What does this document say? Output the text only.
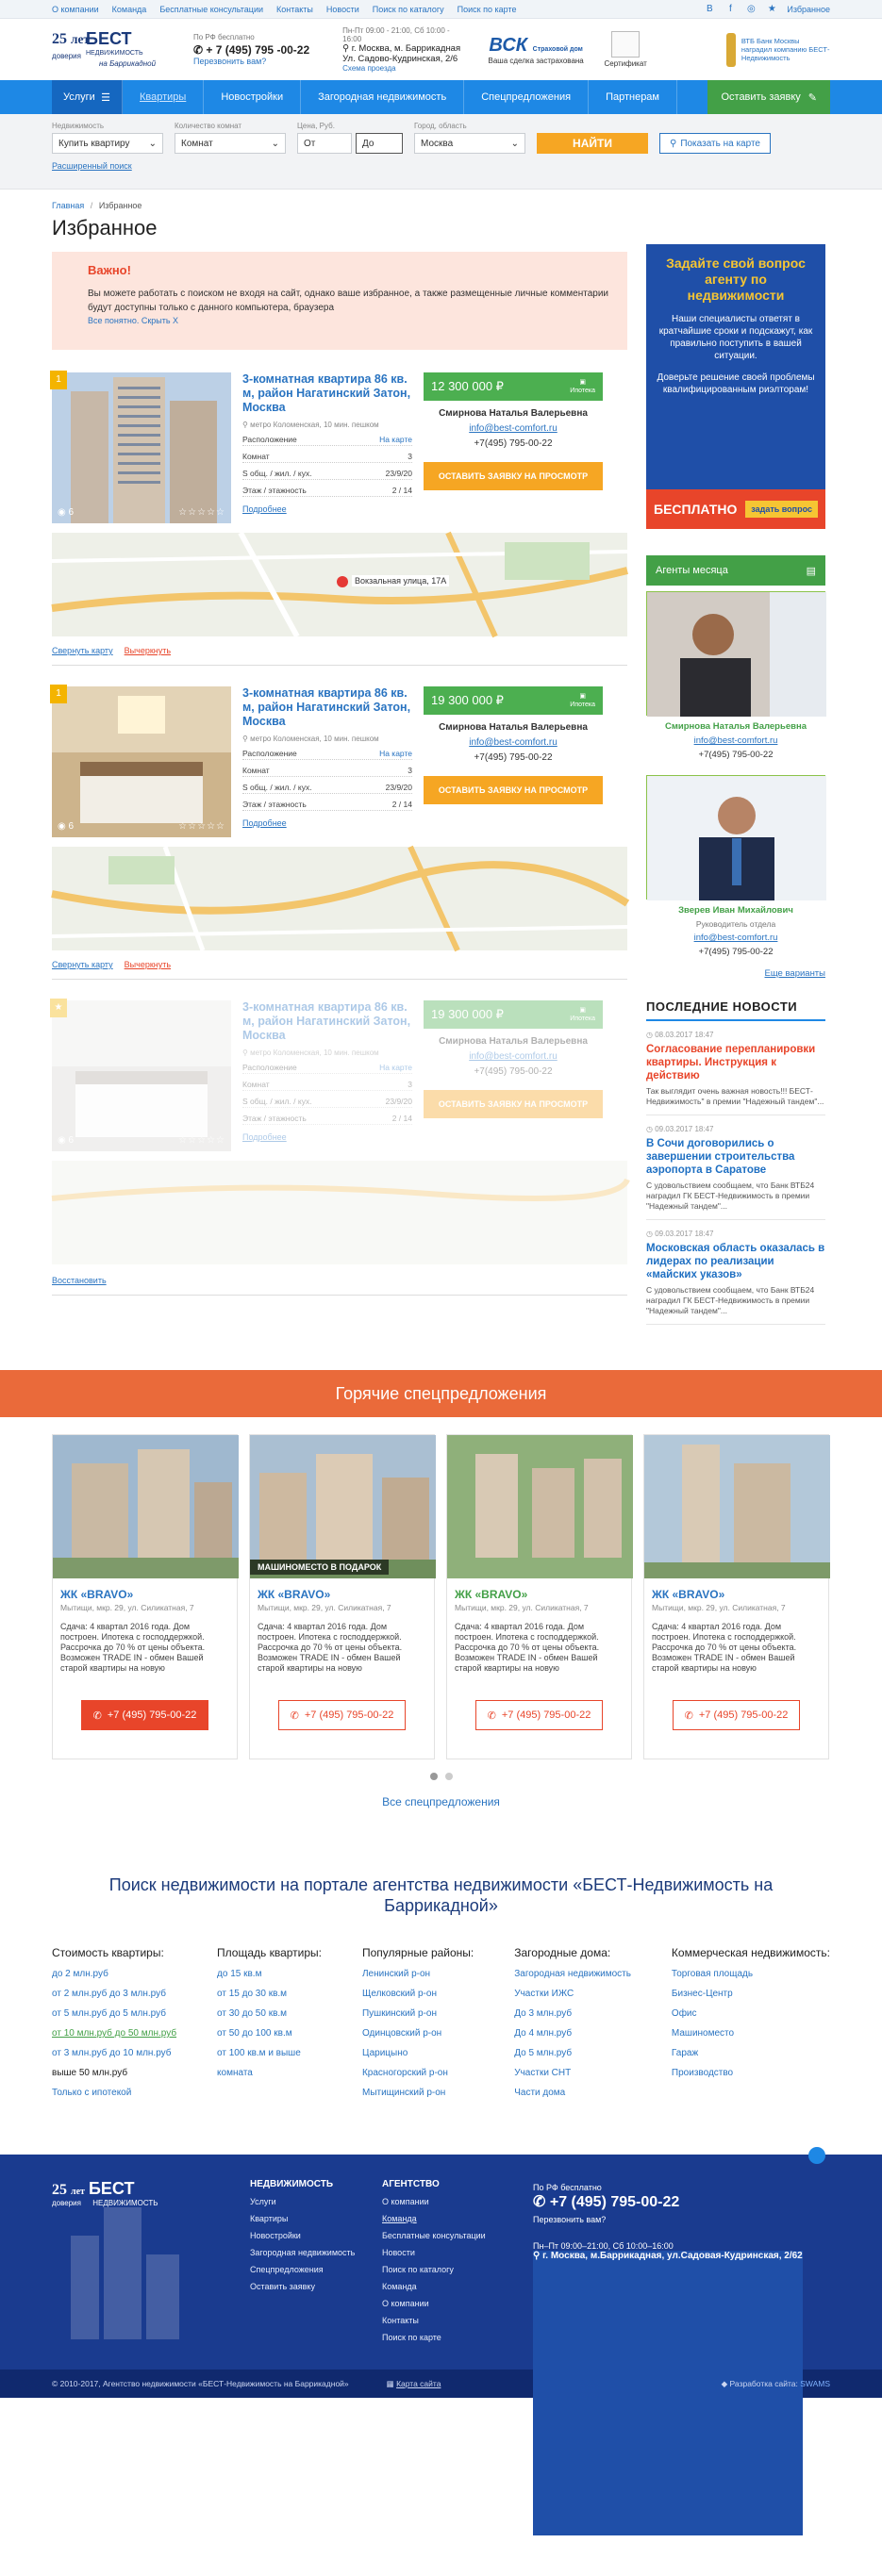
О компании Команда Бесплатные консультации Контакты Новости Поиск по каталогу Поиск по карте	В	f	◎ ★ Избранное
25 лет
доверия
БЕСТ
НЕДВИЖИМОСТЬ
на Баррикадной
По РФ бесплатно
✆ + 7 (495) 795 -00-22
Перезвонить вам?
Пн-Пт 09:00 - 21:00, Сб 10:00 - 16:00
⚲ г. Москва, м. Баррикадная Ул. Садово-Кудринская, 2/6
Схема проезда
ВСК Страховой дом
Ваша сделка застрахована	Сертификат
ВТБ Банк Москвы наградил компанию БЕСТ-Недвижимость
Услуги ☰	Квартиры	Новостройки	Загородная недвижимость	Спецпредложения	Партнерам	Оставить заявку ✎
Недвижимость
Купить квартиру ⌄
Количество комнат
Комнат	⌄
Цена, Руб.
От	До
Город, область
Москва	⌄	НАЙТИ	⚲ Показать на карте
Расширенный поиск
Главная / Избранное
Избранное
Важно!
Вы можете работать с поиском не входя на сайт, однако ваше избранное, а также размещенные личные комментарии будут доступны только с данного компьютера, браузера
Все понятно. Скрыть X
1
◉ 6	☆☆☆☆☆
3-комнатная квартира 86 кв. м, район Нагатинский Затон, Москва
⚲ метро Коломенская, 10 мин. пешком
Расположение	На карте
Комнат	3
S общ. / жил. / кух.	23/9/20
Этаж / этажность	2 / 14
Подробнее
12 300 000 ₽	▣
Ипотека
Смирнова Наталья Валерьевна
info@best-comfort.ru
+7(495) 795-00-22
ОСТАВИТЬ ЗАЯВКУ НА ПРОСМОТР
Вокзальная улица, 17А
Свернуть карту Вычеркнуть
1
◉ 6	☆☆☆☆☆
3-комнатная квартира 86 кв. м, район Нагатинский Затон, Москва
⚲ метро Коломенская, 10 мин. пешком
Расположение	На карте
Комнат	3
S общ. / жил. / кух.	23/9/20
Этаж / этажность	2 / 14
Подробнее
19 300 000 ₽	▣
Ипотека
Смирнова Наталья Валерьевна
info@best-comfort.ru
+7(495) 795-00-22
ОСТАВИТЬ ЗАЯВКУ НА ПРОСМОТР
Свернуть карту Вычеркнуть
★
◉ 6	☆☆☆☆☆
3-комнатная квартира 86 кв. м, район Нагатинский Затон, Москва
⚲ метро Коломенская, 10 мин. пешком
Расположение	На карте
Комнат	3
S общ. / жил. / кух.	23/9/20
Этаж / этажность	2 / 14
Подробнее
19 300 000 ₽	▣
Ипотека
Смирнова Наталья Валерьевна
info@best-comfort.ru
+7(495) 795-00-22
ОСТАВИТЬ ЗАЯВКУ НА ПРОСМОТР
Восстановить
Задайте свой вопрос агенту по недвижимости
Наши специалисты ответят в кратчайшие сроки и подскажут, как правильно поступить в вашей ситуации.
Доверьте решение своей проблемы квалифицированным риэлторам!
БЕСПЛАТНО	задать вопрос
Агенты месяца	▤
Смирнова Наталья Валерьевна
info@best-comfort.ru
+7(495) 795-00-22
Зверев Иван Михайлович
Руководитель отдела
info@best-comfort.ru
+7(495) 795-00-22
Еще варианты
ПОСЛЕДНИЕ НОВОСТИ
◷ 08.03.2017 18:47
Согласование перепланировки квартиры. Инструкция к действию
Так выглядит очень важная новость!!! БЕСТ-Недвижимость" в премии "Надежный тандем"...
◷ 09.03.2017 18:47
В Сочи договорились о завершении строительства аэропорта в Саратове
С удовольствием сообщаем, что Банк ВТБ24 наградил ГК БЕСТ-Недвижимость в премии "Надежный тандем"...
◷ 09.03.2017 18:47
Московская область оказалась в лидерах по реализации «майских указов»
С удовольствием сообщаем, что Банк ВТБ24 наградил ГК БЕСТ-Недвижимость в премии "Надежный тандем"...
Горячие спецпредложения
ЖК «BRAVO»
Мытищи, мкр. 29, ул. Силикатная, 7
Сдача: 4 квартал 2016 года. Дом построен. Ипотека с господдержкой. Рассрочка до 70 % от цены объекта. Возможен TRADE IN - обмен Вашей старой квартиры на новую
✆ +7 (495) 795-00-22
МАШИНОМЕСТО В ПОДАРОК
ЖК «BRAVO»
Мытищи, мкр. 29, ул. Силикатная, 7
Сдача: 4 квартал 2016 года. Дом построен. Ипотека с господдержкой. Рассрочка до 70 % от цены объекта. Возможен TRADE IN - обмен Вашей старой квартиры на новую
✆ +7 (495) 795-00-22
ЖК «BRAVO»
Мытищи, мкр. 29, ул. Силикатная, 7
Сдача: 4 квартал 2016 года. Дом построен. Ипотека с господдержкой. Рассрочка до 70 % от цены объекта. Возможен TRADE IN - обмен Вашей старой квартиры на новую
✆ +7 (495) 795-00-22
ЖК «BRAVO»
Мытищи, мкр. 29, ул. Силикатная, 7
Сдача: 4 квартал 2016 года. Дом построен. Ипотека с господдержкой. Рассрочка до 70 % от цены объекта. Возможен TRADE IN - обмен Вашей старой квартиры на новую
✆ +7 (495) 795-00-22
Все спецпредложения
Поиск недвижимости на портале агентства недвижимости «БЕСТ-Недвижимость на Баррикадной»
Стоимость квартиры:
до 2 млн.руб
от 2 млн.руб до 3 млн.руб
от 5 млн.руб до 5 млн.руб
от 10 млн.руб до 50 млн.руб
от 3 млн.руб до 10 млн.руб
выше 50 млн.руб
Только с ипотекой
Площадь квартиры:
до 15 кв.м
от 15 до 30 кв.м
от 30 до 50 кв.м
от 50 до 100 кв.м
от 100 кв.м и выше
комната
Популярные районы:
Ленинский р-он
Щелковский р-он
Пушкинский р-он
Одинцовский р-он
Царицыно
Красногорский р-он
Мытищинский р-он
Загородные дома:
Загородная недвижимость
Участки ИЖС
До 3 млн.руб
До 4 млн.руб
До 5 млн.руб
Участки СНТ
Части дома
Коммерческая недвижимость:
Торговая площадь
Бизнес-Центр
Офис
Машиноместо
Гараж
Производство
25 лет БЕСТ
доверия НЕДВИЖИМОСТЬ
НЕДВИЖИМОСТЬ
Услуги
Квартиры
Новостройки
Загородная недвижимость
Спецпредложения
Оставить заявку
АГЕНТСТВО
О компании
Команда
Бесплатные консультации
Новости
Поиск по каталогу
Команда
О компании
Контакты
Поиск по карте
По РФ бесплатно
✆ +7 (495) 795-00-22
Перезвонить вам?
Пн–Пт 09:00–21:00, Сб 10:00–16:00
⚲ г. Москва, м.Баррикадная, ул.Садовая-Кудринская, 2/62
Схема проезда
В f ◎ ★ Избранное
© 2010-2017, Агентство недвижимости «БЕСТ-Недвижимость на Баррикадной»	▦ Карта сайта	◆ Разработка сайта: SWAMS
